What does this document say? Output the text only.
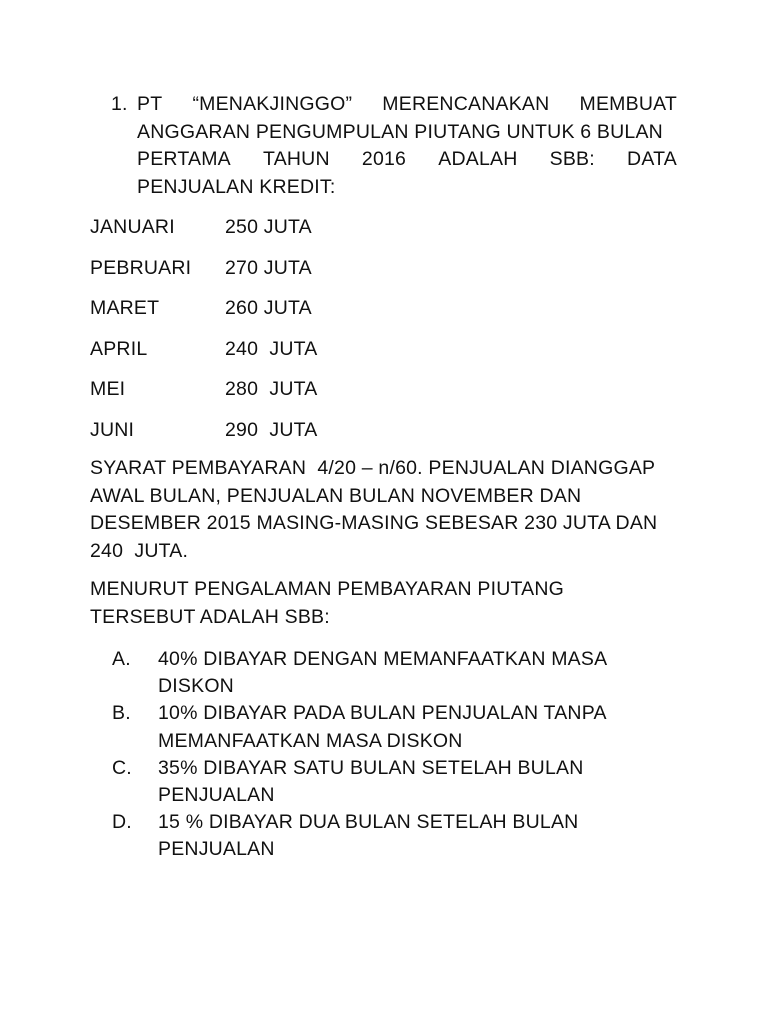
1. PT “MENAKJINGGO” MERENCANAKAN MEMBUAT
ANGGARAN PENGUMPULAN PIUTANG UNTUK 6 BULAN
PERTAMA TAHUN 2016 ADALAH SBB: DATA
PENJUALAN KREDIT:
JANUARI	250 JUTA
PEBRUARI 270 JUTA
MARET	260 JUTA
APRIL	240  JUTA
MEI	280  JUTA
JUNI	290  JUTA
SYARAT PEMBAYARAN  4/20 – n/60. PENJUALAN DIANGGAP
AWAL BULAN, PENJUALAN BULAN NOVEMBER DAN
DESEMBER 2015 MASING-MASING SEBESAR 230 JUTA DAN
240  JUTA.
MENURUT PENGALAMAN PEMBAYARAN PIUTANG
TERSEBUT ADALAH SBB:
A. 40% DIBAYAR DENGAN MEMANFAATKAN MASA
DISKON
B. 10% DIBAYAR PADA BULAN PENJUALAN TANPA
MEMANFAATKAN MASA DISKON
C. 35% DIBAYAR SATU BULAN SETELAH BULAN
PENJUALAN
D. 15 % DIBAYAR DUA BULAN SETELAH BULAN
PENJUALAN
